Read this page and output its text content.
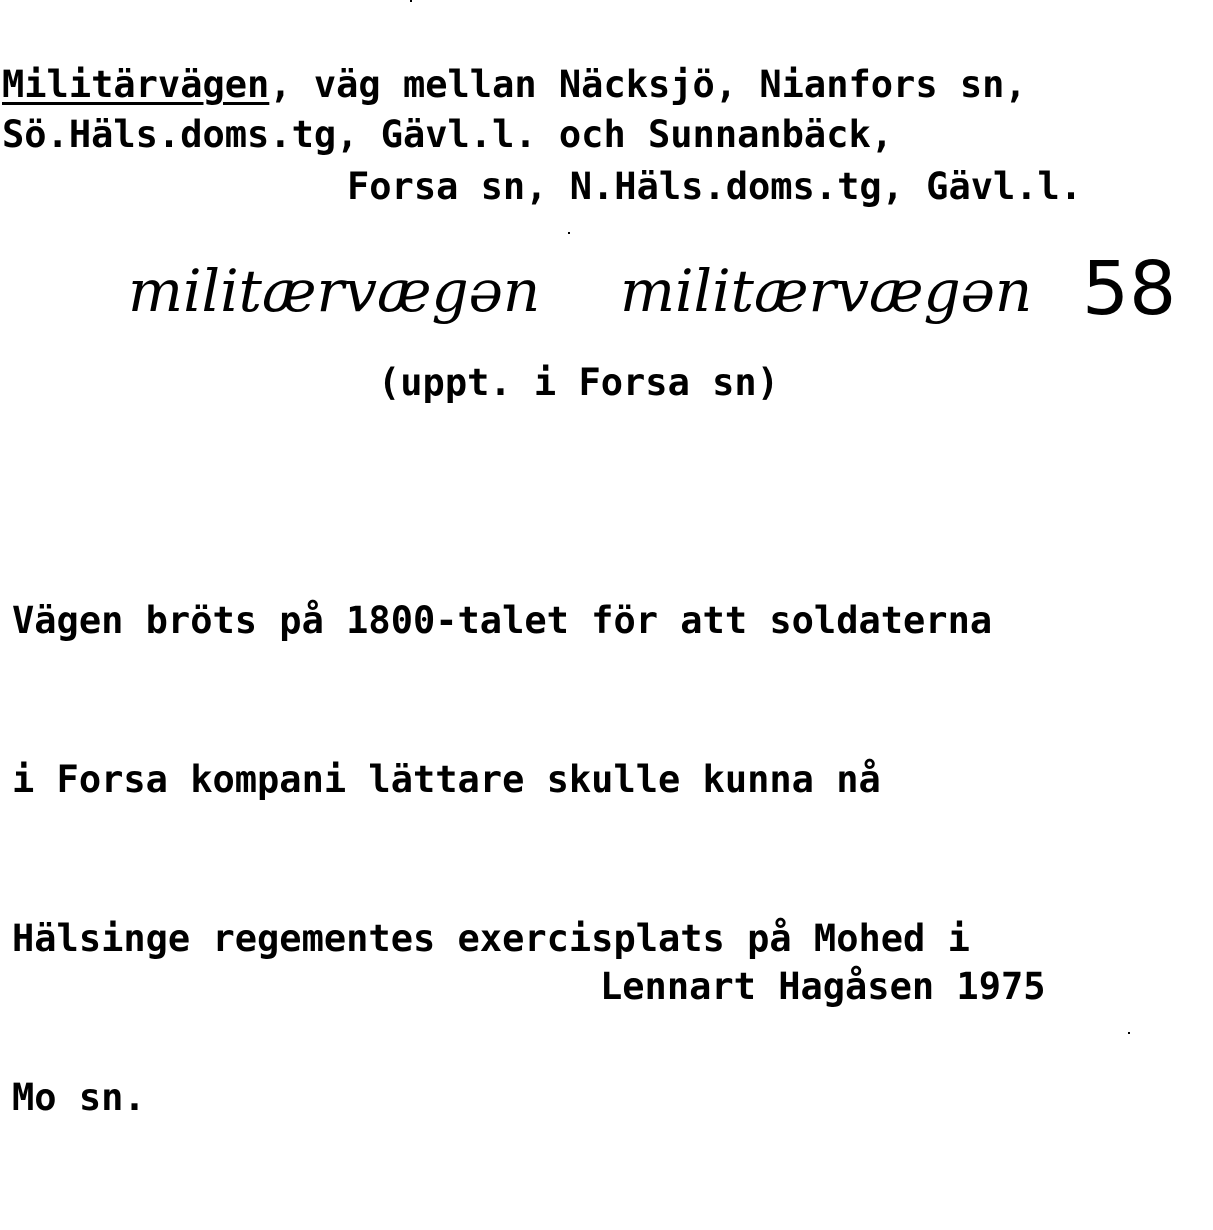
Militärvägen, väg mellan Näcksjö, Nianfors sn,
Sö.Häls.doms.tg, Gävl.l. och Sunnanbäck,
Forsa sn, N.Häls.doms.tg, Gävl.l.
militærvægən militærvægən 58
(uppt. i Forsa sn)

Vägen bröts på 1800-talet för att soldaterna

i Forsa kompani lättare skulle kunna nå

Hälsinge regementes exercisplats på Mohed i

Mo sn.

Lennart Hagåsen 1975
